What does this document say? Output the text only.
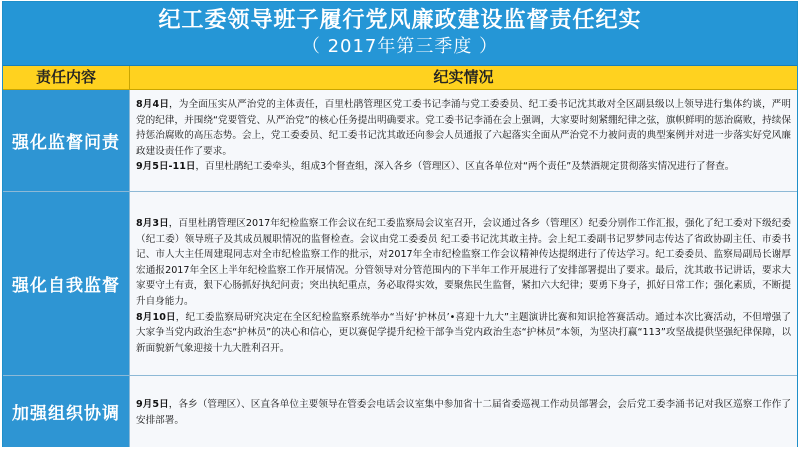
纪工委领导班子履行党风廉政建设监督责任纪实
（ 2017年第三季度 ）
责任内容	纪实情况
强化监督问责

8月4日，为全面压实从严治党的主体责任，百里杜鹃管理区党工委书记李涌与党工委委员、纪工委书记沈其敢对全区副县级以上领导进行集体约谈，严明党的纪律，并围绕“党要管党、从严治党”的核心任务提出明确要求。党工委书记李涌在会上强调，大家要时刻紧绷纪律之弦，旗帜鲜明的惩治腐败，持续保持惩治腐败的高压态势。会上，党工委委员、纪工委书记沈其敢还向参会人员通报了六起落实全面从严治党不力被问责的典型案例并对进一步落实好党风廉政建设责任作了要求。

9月5日-11日，百里杜鹃纪工委牵头，组成3个督查组，深入各乡（管理区）、区直各单位对“两个责任”及禁酒规定贯彻落实情况进行了督查。

强化自我监督

8月3日，百里杜鹃管理区2017年纪检监察工作会议在纪工委监察局会议室召开，会议通过各乡（管理区）纪委分别作工作汇报，强化了纪工委对下级纪委（纪工委）领导班子及其成员履职情况的监督检查。会议由党工委委员 纪工委书记沈其敢主持。会上纪工委副书记罗梦同志传达了省政协副主任、市委书记、市人大主任周建琨同志对全市纪检监察工作的批示，对2017年全市纪检监察工作会议精神传达提纲进行了传达学习。纪工委委员、监察局副局长谢厚宏通报2017年全区上半年纪检监察工作开展情况。分管领导对分管范围内的下半年工作开展进行了安排部署提出了要求。最后，沈其敢书记讲话，要求大家要守土有责，狠下心肠抓好执纪问责；突出执纪重点，务必取得实效，要聚焦民生监督，紧扣六大纪律；要勇下身子，抓好日常工作；强化素质，不断提升自身能力。

8月10日，纪工委监察局研究决定在全区纪检监察系统举办“当好‘护林员’•喜迎十九大”主题演讲比赛和知识抢答赛活动。通过本次比赛活动，不但增强了大家争当党内政治生态“护林员”的决心和信心，更以赛促学提升纪检干部争当党内政治生态“护林员”本领，为坚决打赢“113”攻坚战提供坚强纪律保障，以新面貌新气象迎接十九大胜利召开。

加强组织协调	9月5日，各乡（管理区）、区直各单位主要领导在管委会电话会议室集中参加省十二届省委巡视工作动员部署会，会后党工委李涌书记对我区巡察工作作了安排部署。
